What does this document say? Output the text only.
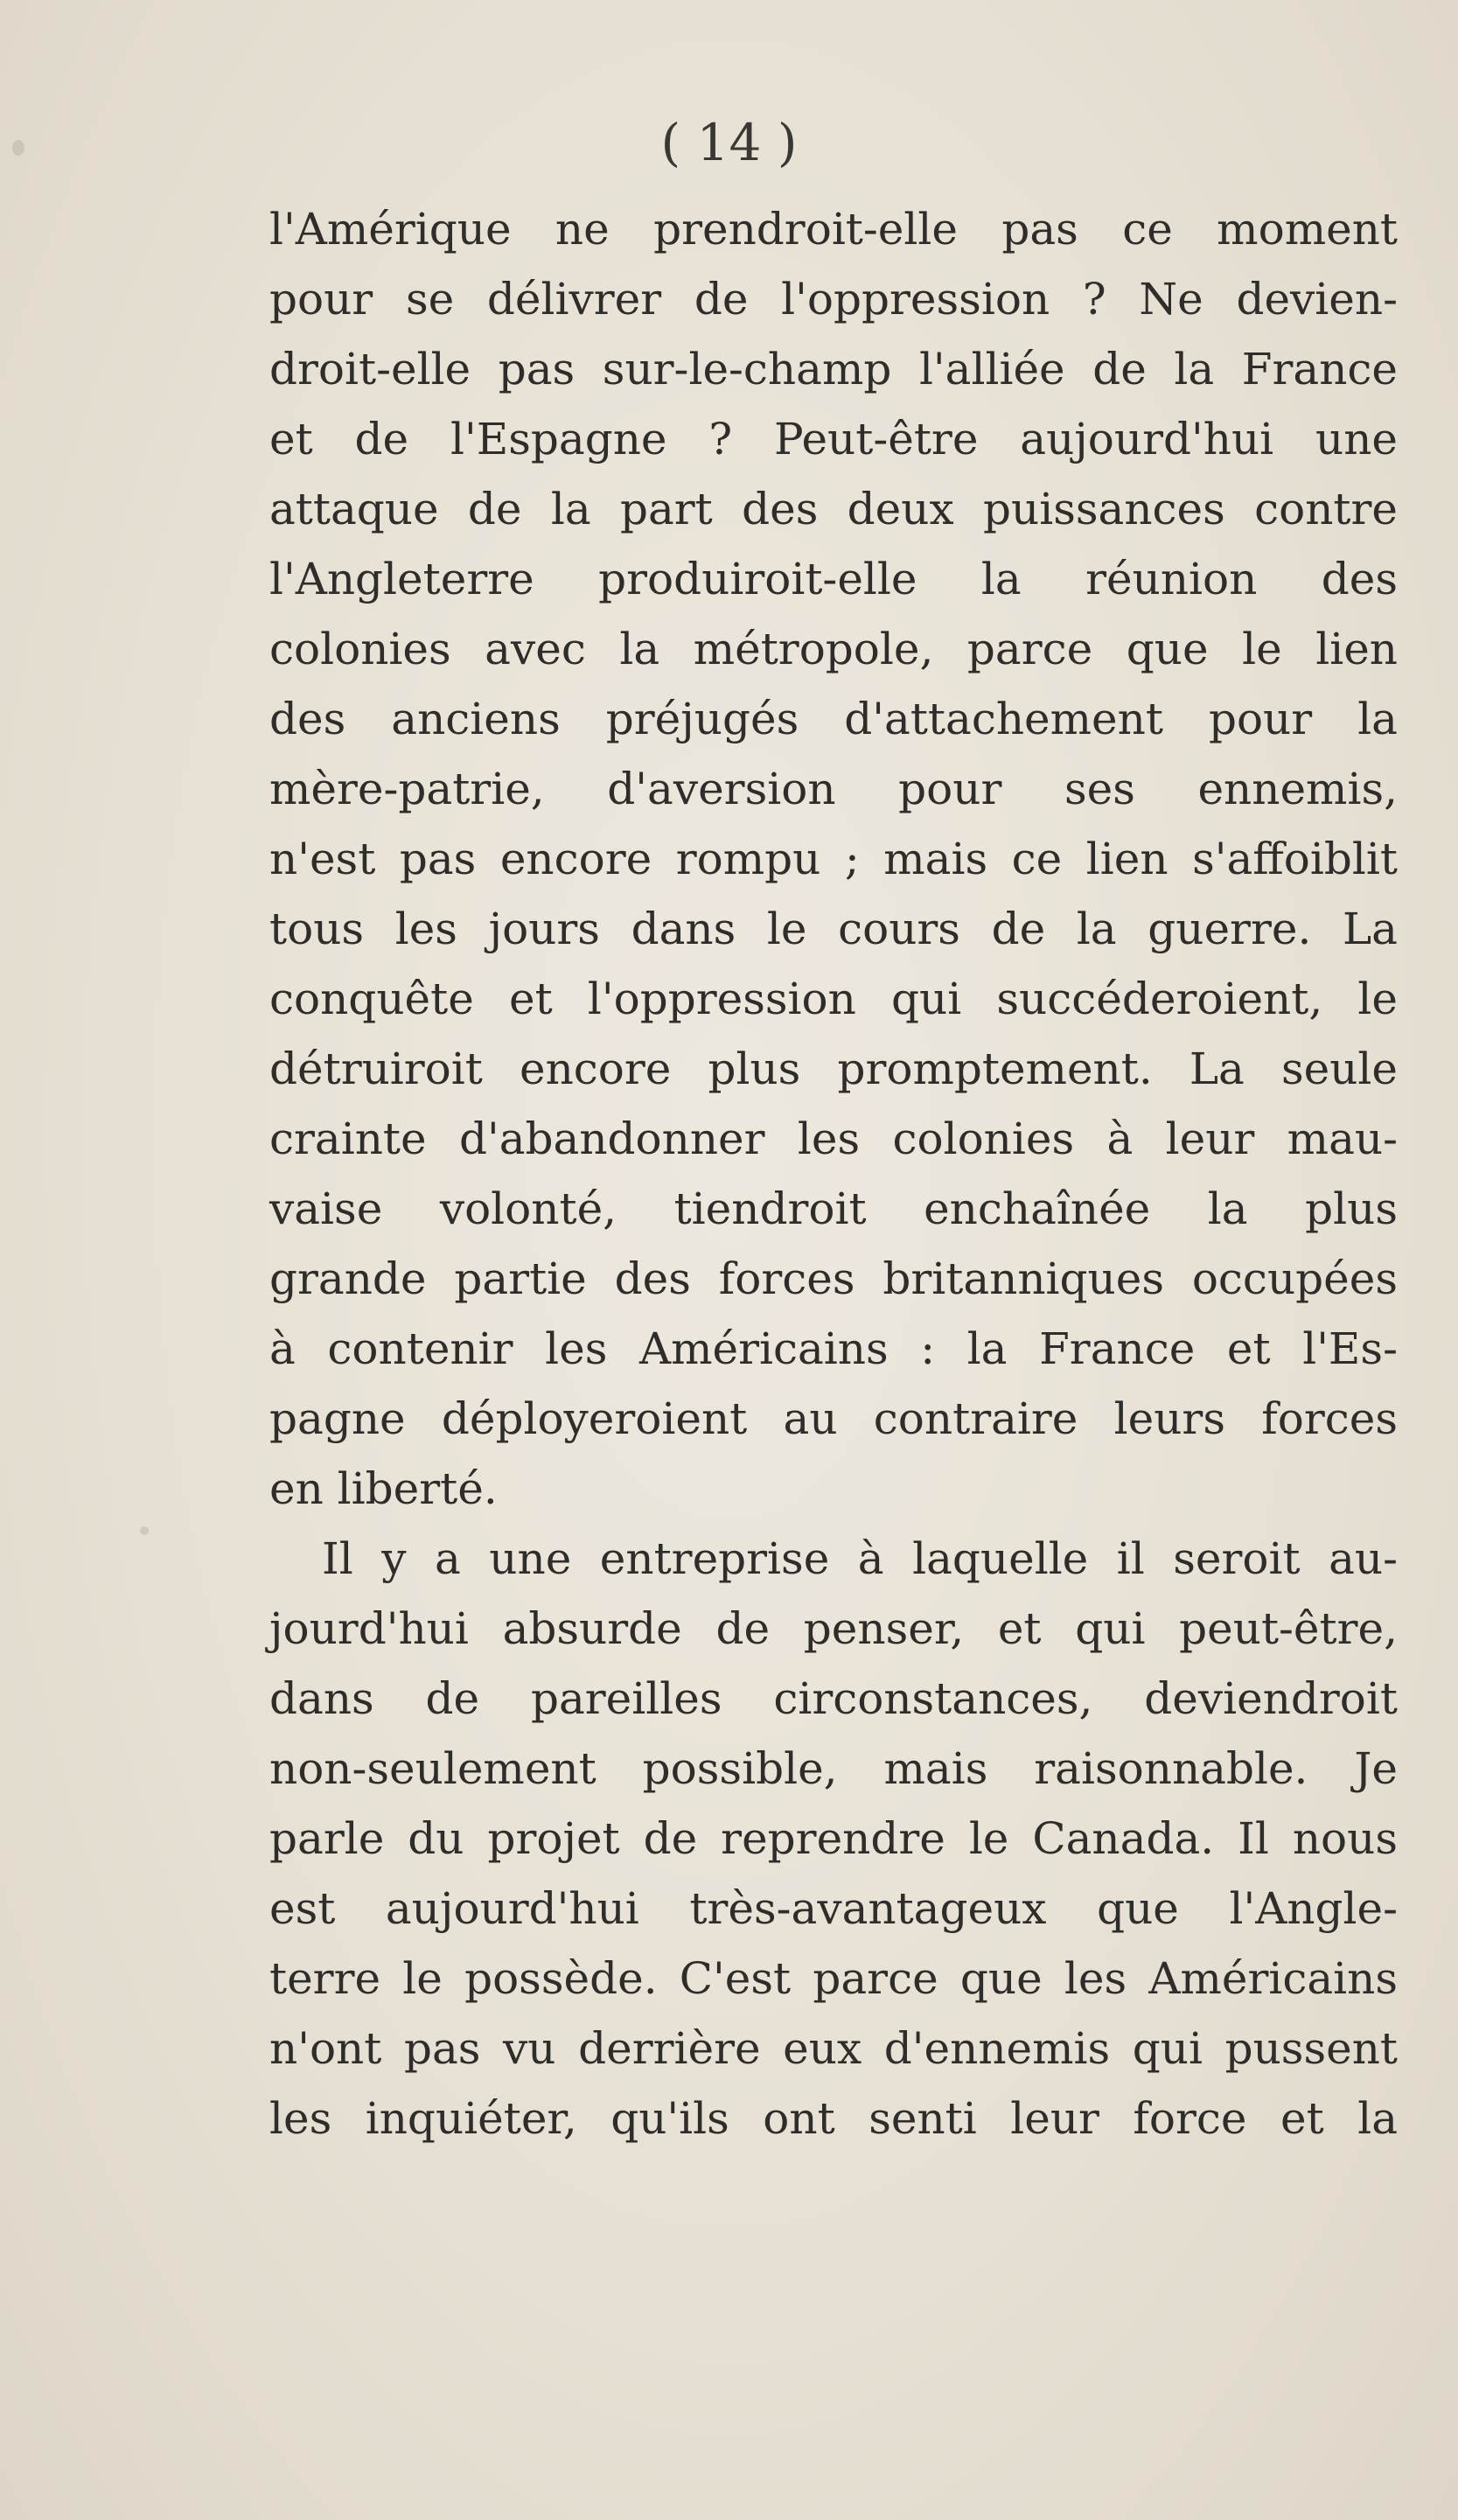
( 14 )
l'Amérique ne prendroit-elle pas ce moment
pour se délivrer de l'oppression ? Ne devien-
droit-elle pas sur-le-champ l'alliée de la France
et de l'Espagne ? Peut-être aujourd'hui une
attaque de la part des deux puissances contre
l'Angleterre produiroit-elle la réunion des
colonies avec la métropole, parce que le lien
des anciens préjugés d'attachement pour la
mère-patrie, d'aversion pour ses ennemis,
n'est pas encore rompu ; mais ce lien s'affoiblit
tous les jours dans le cours de la guerre. La
conquête et l'oppression qui succéderoient, le
détruiroit encore plus promptement. La seule
crainte d'abandonner les colonies à leur mau-
vaise volonté, tiendroit enchaînée la plus
grande partie des forces britanniques occupées
à contenir les Américains : la France et l'Es-
pagne déployeroient au contraire leurs forces
en liberté.
Il y a une entreprise à laquelle il seroit au-
jourd'hui absurde de penser, et qui peut-être,
dans de pareilles circonstances, deviendroit
non-seulement possible, mais raisonnable. Je
parle du projet de reprendre le Canada. Il nous
est aujourd'hui très-avantageux que l'Angle-
terre le possède. C'est parce que les Américains
n'ont pas vu derrière eux d'ennemis qui pussent
les inquiéter, qu'ils ont senti leur force et la
